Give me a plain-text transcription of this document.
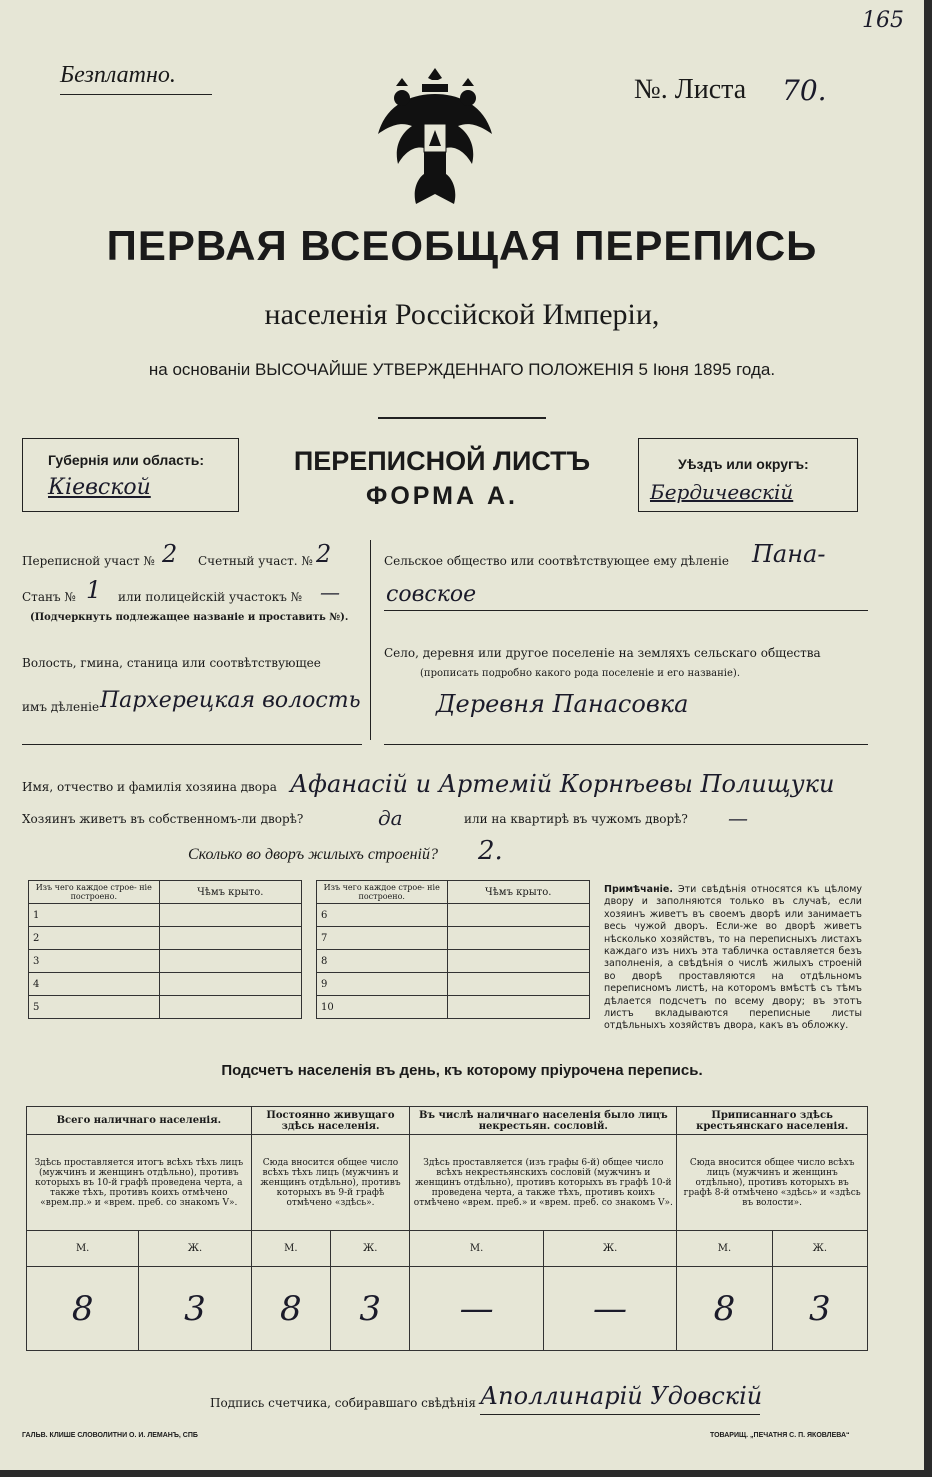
165
Безплатно.	№. Листа 70.
ПЕРВАЯ ВСЕОБЩАЯ ПЕРЕПИСЬ
населенія Россійской Имперіи,
на основаніи ВЫСОЧАЙШЕ УТВЕРЖДЕННАГО ПОЛОЖЕНІЯ 5 Іюня 1895 года.
Губернія или область:
Кіевской
ПЕРЕПИСНОЙ ЛИСТЪ
ФОРМА А.
Уѣздъ или округъ:
Бердичевскій
Переписной участ № 2 Счетный участ. № 2
Станъ № 1 или полицейскій участокъ № —
(Подчеркнуть подлежащее названіе и проставить №).
Волость, гмина, станица или соотвѣтствующее
имъ дѣленіе Пархерецкая волость
Сельское общество или соотвѣтствующее ему дѣленіе Пана-
совское
Село, деревня или другое поселеніе на земляхъ сельскаго общества
(прописать подробно какого рода поселеніе и его названіе).
Деревня Панасовка
Имя, отчество и фамилія хозяина двора Афанасій и Артемій Корнѣевы Полищуки
Хозяинъ живетъ въ собственномъ-ли дворѣ?	да	или на квартирѣ въ чужомъ дворѣ? —
Сколько во дворъ жилыхъ строеній? 2.
Изъ чего каждое строе- ніе построено.	Чѣмъ крыто.		Изъ чего каждое строе- ніе построено.	Чѣмъ крыто.
1			6	
2			7	
3			8	
4			9	
5			10	
Примѣчаніе. Эти свѣдѣнія относятся къ цѣлому двору и заполняются только въ случаѣ, если хозяинъ живетъ въ своемъ дворѣ или занимаетъ весь чужой дворъ. Если-же во дворѣ живетъ нѣсколько хозяйствъ, то на переписныхъ листахъ каждаго изъ нихъ эта табличка оставляется безъ заполненія, а свѣдѣнія о числѣ жилыхъ строеній во дворѣ проставляются на отдѣльномъ переписномъ листѣ, на которомъ вмѣстѣ съ тѣмъ дѣлается подсчетъ по всему двору; въ этотъ листъ вкладываются переписные листы отдѣльныхъ хозяйствъ двора, какъ въ обложку.
Подсчетъ населенія въ день, къ которому пріурочена перепись.
Всего наличнаго населенія.		Постоянно живущаго здѣсь населенія.		Въ числѣ наличнаго населенія было лицъ некрестьян. сословій.		Приписаннаго здѣсь крестьянскаго населенія.	
Здѣсь проставляется итогъ всѣхъ тѣхъ лицъ (мужчинъ и женщинъ отдѣльно), противъ которыхъ въ 10-й графѣ проведена черта, а также тѣхъ, противъ коихъ отмѣчено «врем.пр.» и «врем. преб. со знакомъ V».		Сюда вносится общее число всѣхъ тѣхъ лицъ (мужчинъ и женщинъ отдѣльно), противъ которыхъ въ 9-й графѣ отмѣчено «здѣсь».		Здѣсь проставляется (изъ графы 6-й) общее число всѣхъ некрестьянскихъ сословій (мужчинъ и женщинъ отдѣльно), противъ которыхъ въ графѣ 10-й проведена черта, а также тѣхъ, противъ коихъ отмѣчено «врем. преб.» и «врем. преб. со знакомъ V».		Сюда вносится общее число всѣхъ лицъ (мужчинъ и женщинъ отдѣльно), противъ которыхъ въ графѣ 8-й отмѣчено «здѣсь» и «здѣсь въ волости».	
М.	Ж.	М.	Ж.	М.	Ж.	М.	Ж.
8	3	8	3	—	—	8	3
Подпись счетчика, собиравшаго свѣдѣнія Аполлинарій Удовскій
ГАЛЬВ. КЛИШЕ СЛОВОЛИТНИ О. И. ЛЕМАНЪ, СПБ	ТОВАРИЩ. „ПЕЧАТНЯ С. П. ЯКОВЛЕВА“
